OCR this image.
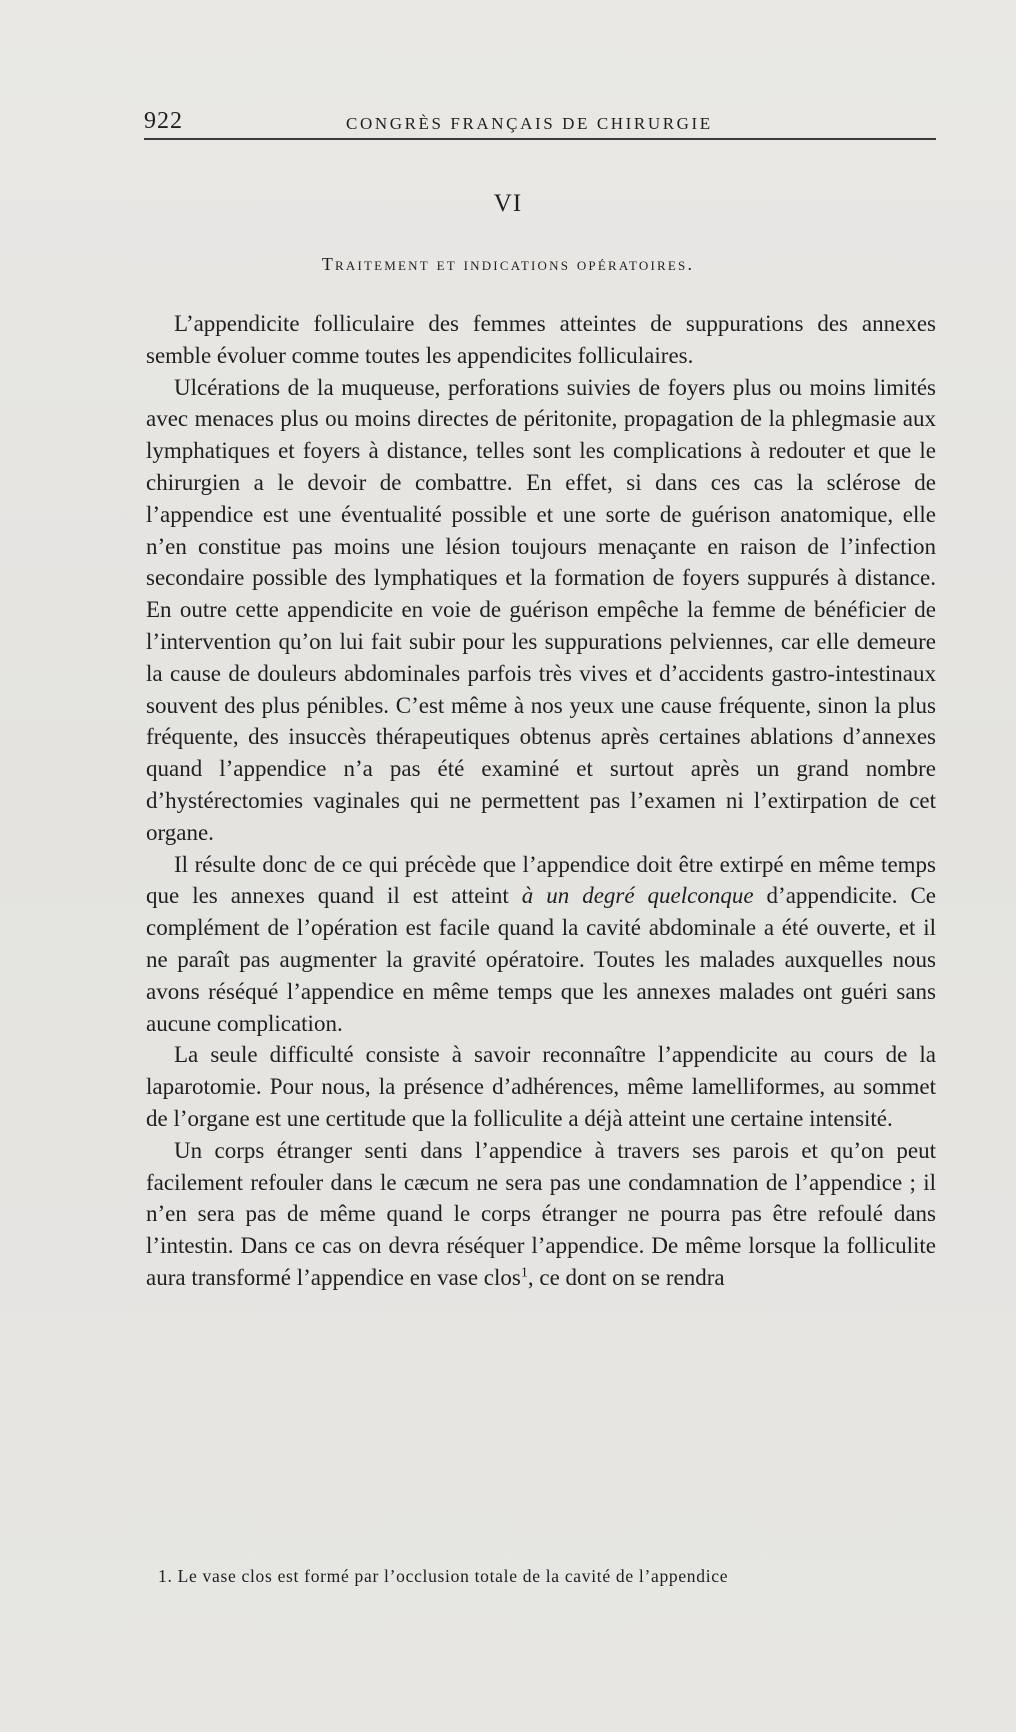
922	CONGRÈS FRANÇAIS DE CHIRURGIE
VI
Traitement et indications opératoires.

L’appendicite folliculaire des femmes atteintes de suppurations des annexes semble évoluer comme toutes les appendicites folliculaires.

Ulcérations de la muqueuse, perforations suivies de foyers plus ou moins limités avec menaces plus ou moins directes de péritonite, propagation de la phlegmasie aux lymphatiques et foyers à distance, telles sont les complications à redouter et que le chirurgien a le devoir de combattre. En effet, si dans ces cas la sclérose de l’appendice est une éventualité possible et une sorte de guérison anatomique, elle n’en constitue pas moins une lésion toujours menaçante en raison de l’infection secondaire possible des lymphatiques et la formation de foyers suppurés à distance. En outre cette appendicite en voie de guérison empêche la femme de bénéficier de l’intervention qu’on lui fait subir pour les suppurations pelviennes, car elle demeure la cause de douleurs abdominales parfois très vives et d’accidents gastro-intestinaux souvent des plus pénibles. C’est même à nos yeux une cause fréquente, sinon la plus fréquente, des insuccès thérapeutiques obtenus après certaines ablations d’annexes quand l’appendice n’a pas été examiné et surtout après un grand nombre d’hystérectomies vaginales qui ne permettent pas l’examen ni l’extirpation de cet organe.

Il résulte donc de ce qui précède que l’appendice doit être extirpé en même temps que les annexes quand il est atteint à un degré quelconque d’appendicite. Ce complément de l’opération est facile quand la cavité abdominale a été ouverte, et il ne paraît pas augmenter la gravité opératoire. Toutes les malades auxquelles nous avons réséqué l’appendice en même temps que les annexes malades ont guéri sans aucune complication.

La seule difficulté consiste à savoir reconnaître l’appendicite au cours de la laparotomie. Pour nous, la présence d’adhérences, même lamelliformes, au sommet de l’organe est une certitude que la folliculite a déjà atteint une certaine intensité.

Un corps étranger senti dans l’appendice à travers ses parois et qu’on peut facilement refouler dans le cæcum ne sera pas une condamnation de l’appendice ; il n’en sera pas de même quand le corps étranger ne pourra pas être refoulé dans l’intestin. Dans ce cas on devra réséquer l’appendice. De même lorsque la folliculite aura transformé l’appendice en vase clos$^1$, ce dont on se rendra

1. Le vase clos est formé par l’occlusion totale de la cavité de l’appendice
